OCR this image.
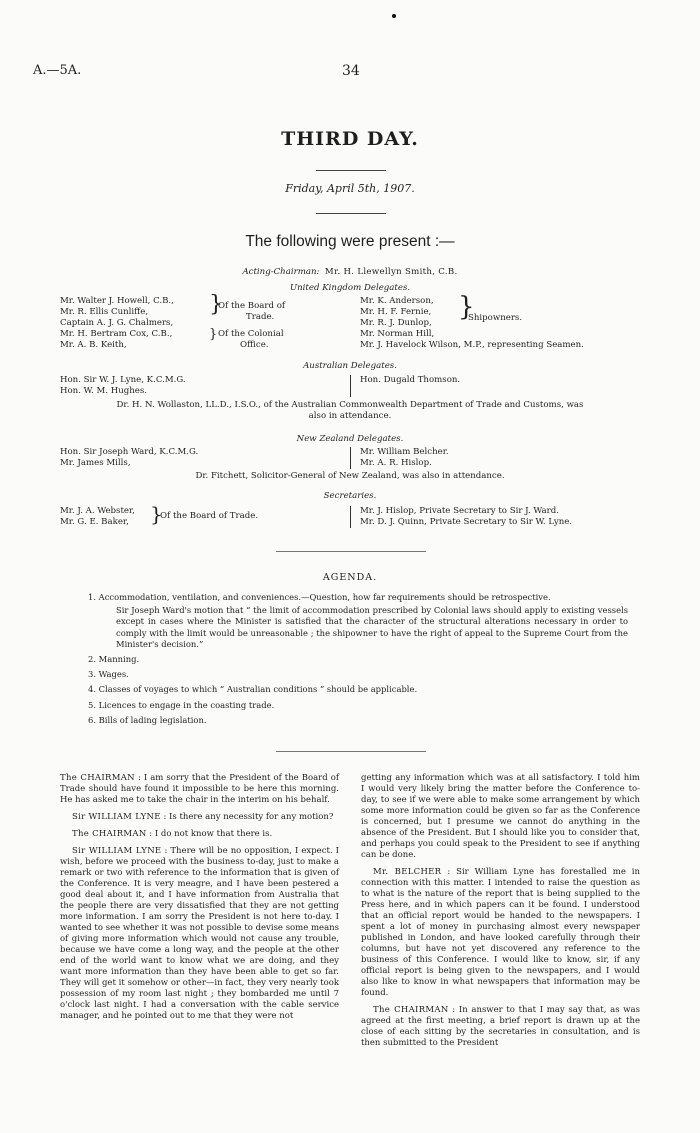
A.—5A.	34
THIRD DAY.
Friday, April 5th, 1907.
The following were present :—
Acting-Chairman: Mr. H. Llewellyn Smith, C.B.
United Kingdom Delegates.
Mr. Walter J. Howell, C.B.,
Mr. R. Ellis Cunliffe,
Captain A. J. G. Chalmers,
Mr. H. Bertram Cox, C.B.,
Mr. A. B. Keith,
}
Of the Board of
Trade.
} Of the Colonial
Office.
Mr. K. Anderson,
Mr. H. F. Fernie,
Mr. R. J. Dunlop,
Mr. Norman Hill,
Mr. J. Havelock Wilson, M.P., representing Seamen.
}
Shipowners.
Australian Delegates.
Hon. Sir W. J. Lyne, K.C.M.G.
Hon. W. M. Hughes.
Hon. Dugald Thomson.
Dr. H. N. Wollaston, LL.D., I.S.O., of the Australian Commonwealth Department of Trade and Customs, was
also in attendance.
New Zealand Delegates.
Hon. Sir Joseph Ward, K.C.M.G.
Mr. James Mills,
Mr. William Belcher.
Mr. A. R. Hislop.
Dr. Fitchett, Solicitor-General of New Zealand, was also in attendance.
Secretaries.
Mr. J. A. Webster,
Mr. G. E. Baker,	}
Of the Board of Trade.	Mr. J. Hislop, Private Secretary to Sir J. Ward.
Mr. D. J. Quinn, Private Secretary to Sir W. Lyne.
AGENDA.
1. Accommodation, ventilation, and conveniences.—Question, how far requirements should be retrospective.
Sir Joseph Ward's motion that “ the limit of accommodation prescribed by Colonial laws should apply to existing vessels except in cases where the Minister is satisfied that the character of the structural alterations necessary in order to comply with the limit would be unreasonable ; the shipowner to have the right of appeal to the Supreme Court from the Minister's decision.”
2. Manning.
3. Wages.
4. Classes of voyages to which “ Australian conditions ” should be applicable.
5. Licences to engage in the coasting trade.
6. Bills of lading legislation.

The CHAIRMAN : I am sorry that the President of the Board of Trade should have found it impossible to be here this morning. He has asked me to take the chair in the interim on his behalf.

Sir WILLIAM LYNE : Is there any necessity for any motion?

The CHAIRMAN : I do not know that there is.

Sir WILLIAM LYNE : There will be no opposition, I expect. I wish, before we proceed with the business to-day, just to make a remark or two with reference to the information that is given of the Conference. It is very meagre, and I have been pestered a good deal about it, and I have information from Australia that the people there are very dissatisfied that they are not getting more information. I am sorry the President is not here to-day. I wanted to see whether it was not possible to devise some means of giving more information which would not cause any trouble, because we have come a long way, and the people at the other end of the world want to know what we are doing, and they want more information than they have been able to get so far. They will get it somehow or other—in fact, they very nearly took possession of my room last night ; they bombarded me until 7 o'clock last night. I had a conversation with the cable service manager, and he pointed out to me that they were not

getting any information which was at all satisfactory. I told him I would very likely bring the matter before the Conference to-day, to see if we were able to make some arrangement by which some more information could be given so far as the Conference is concerned, but I presume we cannot do anything in the absence of the President. But I should like you to consider that, and perhaps you could speak to the President to see if anything can be done.

Mr. BELCHER : Sir William Lyne has forestalled me in connection with this matter. I intended to raise the question as to what is the nature of the report that is being supplied to the Press here, and in which papers can it be found. I understood that an official report would be handed to the newspapers. I spent a lot of money in purchasing almost every newspaper published in London, and have looked carefully through their columns, but have not yet discovered any reference to the business of this Conference. I would like to know, sir, if any official report is being given to the newspapers, and I would also like to know in what newspapers that information may be found.

The CHAIRMAN : In answer to that I may say that, as was agreed at the first meeting, a brief report is drawn up at the close of each sitting by the secretaries in consultation, and is then submitted to the President
